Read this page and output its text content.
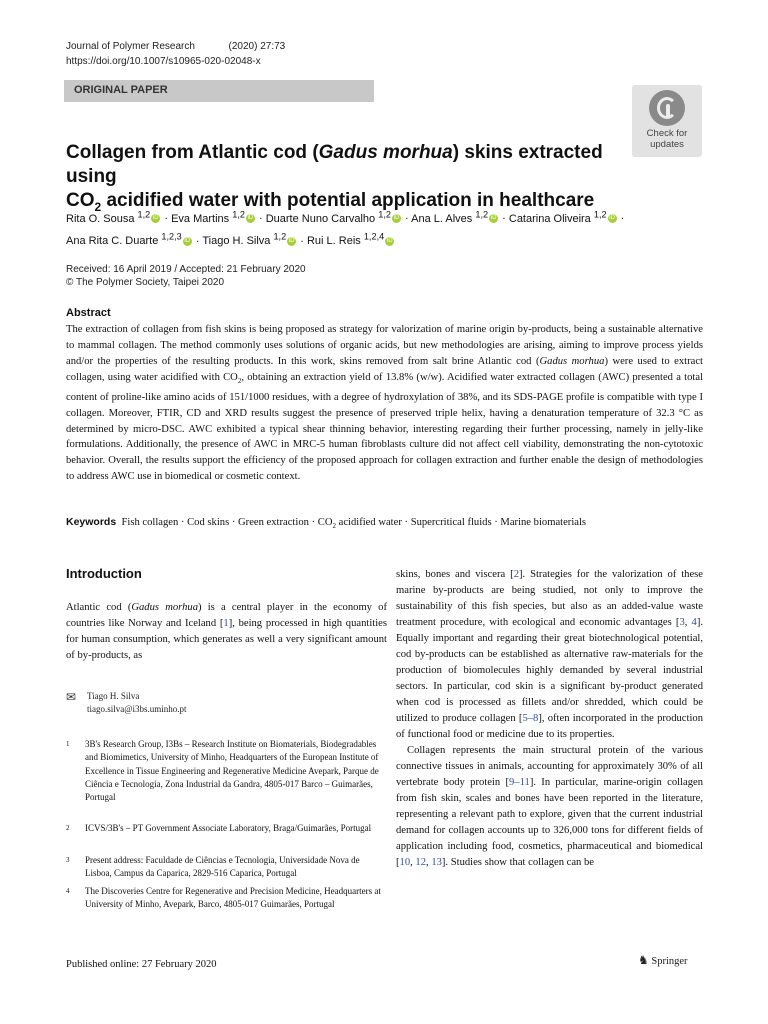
Journal of Polymer Research	(2020) 27:73
https://doi.org/10.1007/s10965-020-02048-x
ORIGINAL PAPER
Check for
updates
Collagen from Atlantic cod (Gadus morhua) skins extracted using
$CO_2$ acidified water with potential application in healthcare
Rita O. Sousa $^{1,2}$ iD · Eva Martins $^{1,2}$ iD · Duarte Nuno Carvalho $^{1,2}$ iD · Ana L. Alves $^{1,2}$ iD · Catarina Oliveira $^{1,2}$ iD ·
Ana Rita C. Duarte $^{1,2,3}$ iD · Tiago H. Silva $^{1,2}$ iD · Rui L. Reis $^{1,2,4}$ iD
Received: 16 April 2019 / Accepted: 21 February 2020
© The Polymer Society, Taipei 2020
Abstract
The extraction of collagen from fish skins is being proposed as strategy for valorization of marine origin by-products, being a sustainable alternative to mammal collagen. The method commonly uses solutions of organic acids, but new methodologies are arising, aiming to improve process yields and/or the properties of the resulting products. In this work, skins removed from salt brine Atlantic cod (Gadus morhua) were used to extract collagen, using water acidified with $CO_2$, obtaining an extraction yield of 13.8% (w/w). Acidified water extracted collagen (AWC) presented a total content of proline-like amino acids of 151/1000 residues, with a degree of hydroxylation of 38%, and its SDS-PAGE profile is compatible with type I collagen. Moreover, FTIR, CD and XRD results suggest the presence of preserved triple helix, having a denaturation temperature of 32.3 °C as determined by micro-DSC. AWC exhibited a typical shear thinning behavior, interesting regarding their further processing, namely in jelly-like formulations. Additionally, the presence of AWC in MRC-5 human fibroblasts culture did not affect cell viability, demonstrating the non-cytotoxic behavior. Overall, the results support the efficiency of the proposed approach for collagen extraction and further enable the design of methodologies to address AWC use in biomedical or cosmetic context.
Keywords Fish collagen · Cod skins · Green extraction · $CO_2$ acidified water · Supercritical fluids · Marine biomaterials
Introduction
Atlantic cod (Gadus morhua) is a central player in the economy of countries like Norway and Iceland [1], being processed in high quantities for human consumption, which generates as well a very significant amount of by-products, as
✉ Tiago H. Silva
tiago.silva@i3bs.uminho.pt
1 3B's Research Group, I3Bs – Research Institute on Biomaterials, Biodegradables and Biomimetics, University of Minho, Headquarters of the European Institute of Excellence in Tissue Engineering and Regenerative Medicine Avepark, Parque de Ciência e Tecnologia, Zona Industrial da Gandra, 4805-017 Barco – Guimarães, Portugal
2 ICVS/3B's – PT Government Associate Laboratory, Braga/Guimarães, Portugal
3 Present address: Faculdade de Ciências e Tecnologia, Universidade Nova de Lisboa, Campus da Caparica, 2829-516 Caparica, Portugal
4 The Discoveries Centre for Regenerative and Precision Medicine, Headquarters at University of Minho, Avepark, Barco, 4805-017 Guimarães, Portugal

skins, bones and viscera [2]. Strategies for the valorization of these marine by-products are being studied, not only to improve the sustainability of this fish species, but also as an added-value waste treatment procedure, with ecological and economic advantages [3, 4]. Equally important and regarding their great biotechnological potential, cod by-products can be established as alternative raw-materials for the production of biomolecules highly demanded by several industrial sectors. In particular, cod skin is a significant by-product generated when cod is processed as fillets and/or shredded, which could be utilized to produce collagen [5–8], often incorporated in the production of functional food or medicine due to its properties.

Collagen represents the main structural protein of the various connective tissues in animals, accounting for approximately 30% of all vertebrate body protein [9–11]. In particular, marine-origin collagen from fish skin, scales and bones have been reported in the literature, representing a relevant path to explore, given that the current industrial demand for collagen accounts up to 326,000 tons for different fields of application including food, cosmetics, pharmaceutical and biomedical [10, 12, 13]. Studies show that collagen can be

Published online: 27 February 2020	♞ Springer
